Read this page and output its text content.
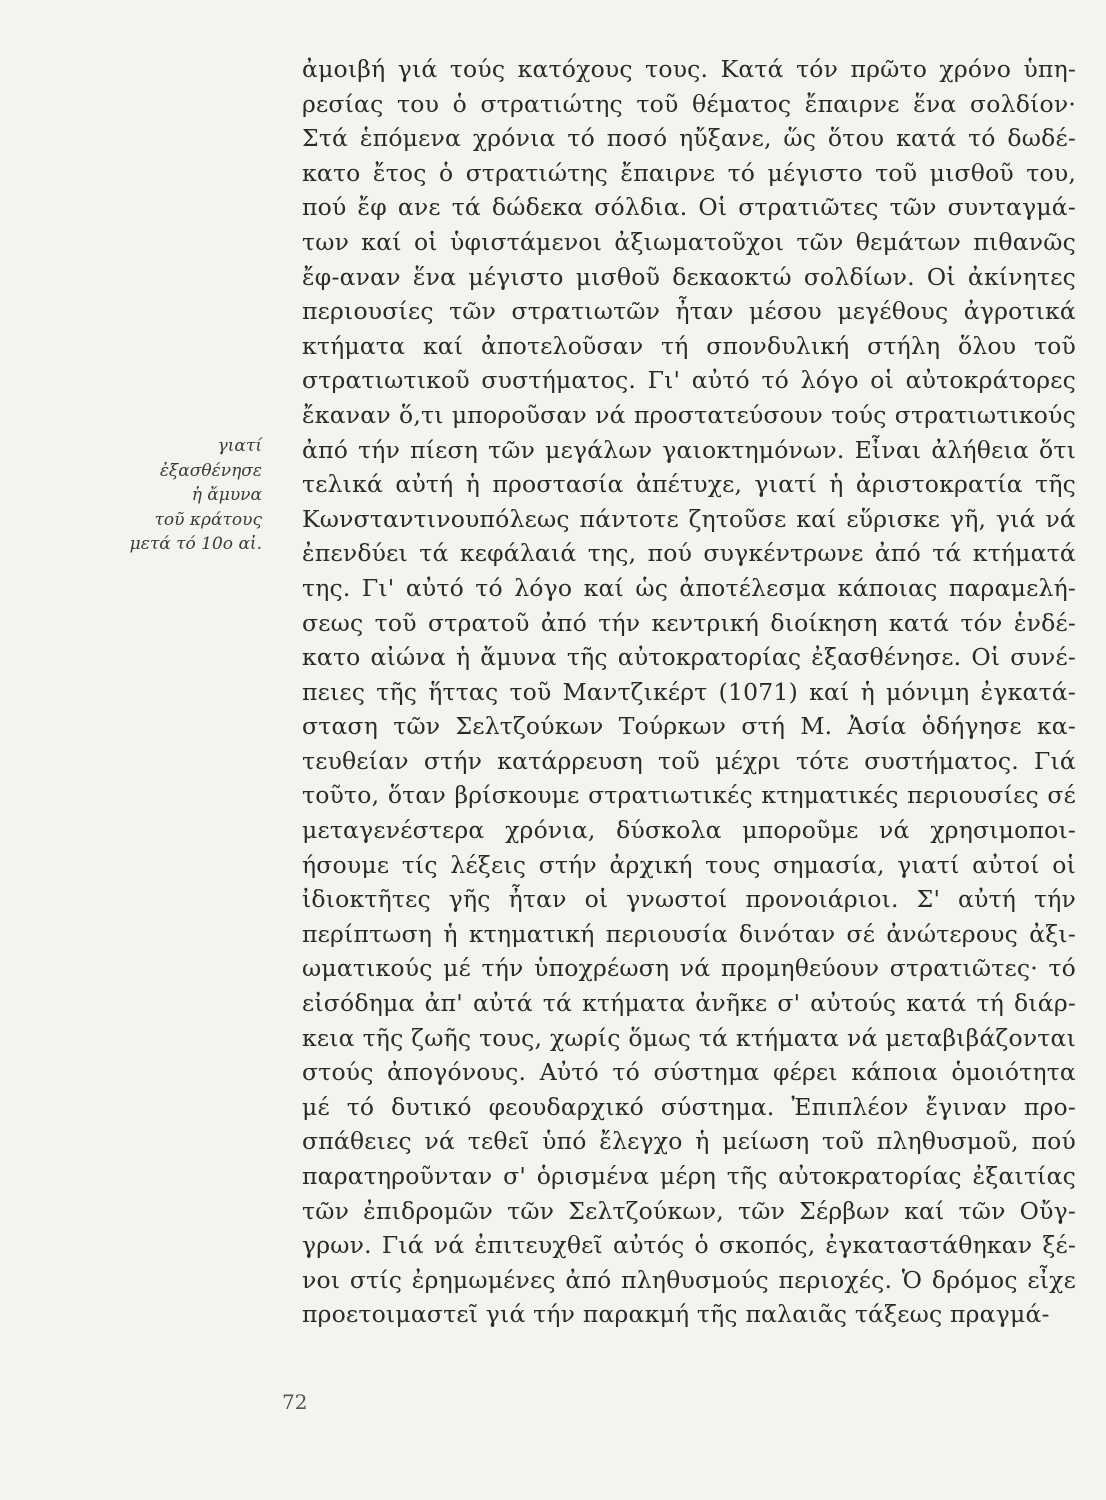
γιατί
ἐξασθένησε
ἡ ἄμυνα
τοῦ κράτους
μετά τό 10ο αἰ.
ἀμοιβή γιά τούς κατόχους τους. Κατά τόν πρῶτο χρόνο ὑπη-
ρεσίας του ὁ στρατιώτης τοῦ θέματος ἔπαιρνε ἕνα σολδίον·
Στά ἑπόμενα χρόνια τό ποσό ηὔξανε, ὥς ὅτου κατά τό δωδέ-
κατο ἔτος ὁ στρατιώτης ἔπαιρνε τό μέγιστο τοῦ μισθοῦ του,
πού ἔφ ανε τά δώδεκα σόλδια. Οἱ στρατιῶτες τῶν συνταγμά-
των καί οἱ ὑφιστάμενοι ἀξιωματοῦχοι τῶν θεμάτων πιθανῶς
ἔφ-αναν ἕνα μέγιστο μισθοῦ δεκαοκτώ σολδίων. Οἱ ἀκίνητες
περιουσίες τῶν στρατιωτῶν ἦταν μέσου μεγέθους ἀγροτικά
κτήματα καί ἀποτελοῦσαν τή σπονδυλική στήλη ὅλου τοῦ
στρατιωτικοῦ συστήματος. Γι' αὐτό τό λόγο οἱ αὐτοκράτορες
ἔκαναν ὅ,τι μποροῦσαν νά προστατεύσουν τούς στρατιωτικούς
ἀπό τήν πίεση τῶν μεγάλων γαιοκτημόνων. Εἶναι ἀλήθεια ὅτι
τελικά αὐτή ἡ προστασία ἀπέτυχε, γιατί ἡ ἀριστοκρατία τῆς
Κωνσταντινουπόλεως πάντοτε ζητοῦσε καί εὕρισκε γῆ, γιά νά
ἐπενδύει τά κεφάλαιά της, πού συγκέντρωνε ἀπό τά κτήματά
της. Γι' αὐτό τό λόγο καί ὡς ἀποτέλεσμα κάποιας παραμελή-
σεως τοῦ στρατοῦ ἀπό τήν κεντρική διοίκηση κατά τόν ἑνδέ-
κατο αἰώνα ἡ ἄμυνα τῆς αὐτοκρατορίας ἐξασθένησε. Οἱ συνέ-
πειες τῆς ἥττας τοῦ Μαντζικέρτ (1071) καί ἡ μόνιμη ἐγκατά-
σταση τῶν Σελτζούκων Τούρκων στή Μ. Ἀσία ὁδήγησε κα-
τευθείαν στήν κατάρρευση τοῦ μέχρι τότε συστήματος. Γιά
τοῦτο, ὅταν βρίσκουμε στρατιωτικές κτηματικές περιουσίες σέ
μεταγενέστερα χρόνια, δύσκολα μποροῦμε νά χρησιμοποι-
ήσουμε τίς λέξεις στήν ἀρχική τους σημασία, γιατί αὐτοί οἱ
ἰδιοκτῆτες γῆς ἦταν οἱ γνωστοί προνοιάριοι. Σ' αὐτή τήν
περίπτωση ἡ κτηματική περιουσία δινόταν σέ ἀνώτερους ἀξι-
ωματικούς μέ τήν ὑποχρέωση νά προμηθεύουν στρατιῶτες· τό
εἰσόδημα ἀπ' αὐτά τά κτήματα ἀνῆκε σ' αὐτούς κατά τή διάρ-
κεια τῆς ζωῆς τους, χωρίς ὅμως τά κτήματα νά μεταβιβάζονται
στούς ἀπογόνους. Αὐτό τό σύστημα φέρει κάποια ὁμοιότητα
μέ τό δυτικό φεουδαρχικό σύστημα. Ἐπιπλέον ἔγιναν προ-
σπάθειες νά τεθεῖ ὑπό ἔλεγχο ἡ μείωση τοῦ πληθυσμοῦ, πού
παρατηροῦνταν σ' ὁρισμένα μέρη τῆς αὐτοκρατορίας ἐξαιτίας
τῶν ἐπιδρομῶν τῶν Σελτζούκων, τῶν Σέρβων καί τῶν Οὔγ-
γρων. Γιά νά ἐπιτευχθεῖ αὐτός ὁ σκοπός, ἐγκαταστάθηκαν ξέ-
νοι στίς ἐρημωμένες ἀπό πληθυσμούς περιοχές. Ὁ δρόμος εἶχε
προετοιμαστεῖ γιά τήν παρακμή τῆς παλαιᾶς τάξεως πραγμά-
72
